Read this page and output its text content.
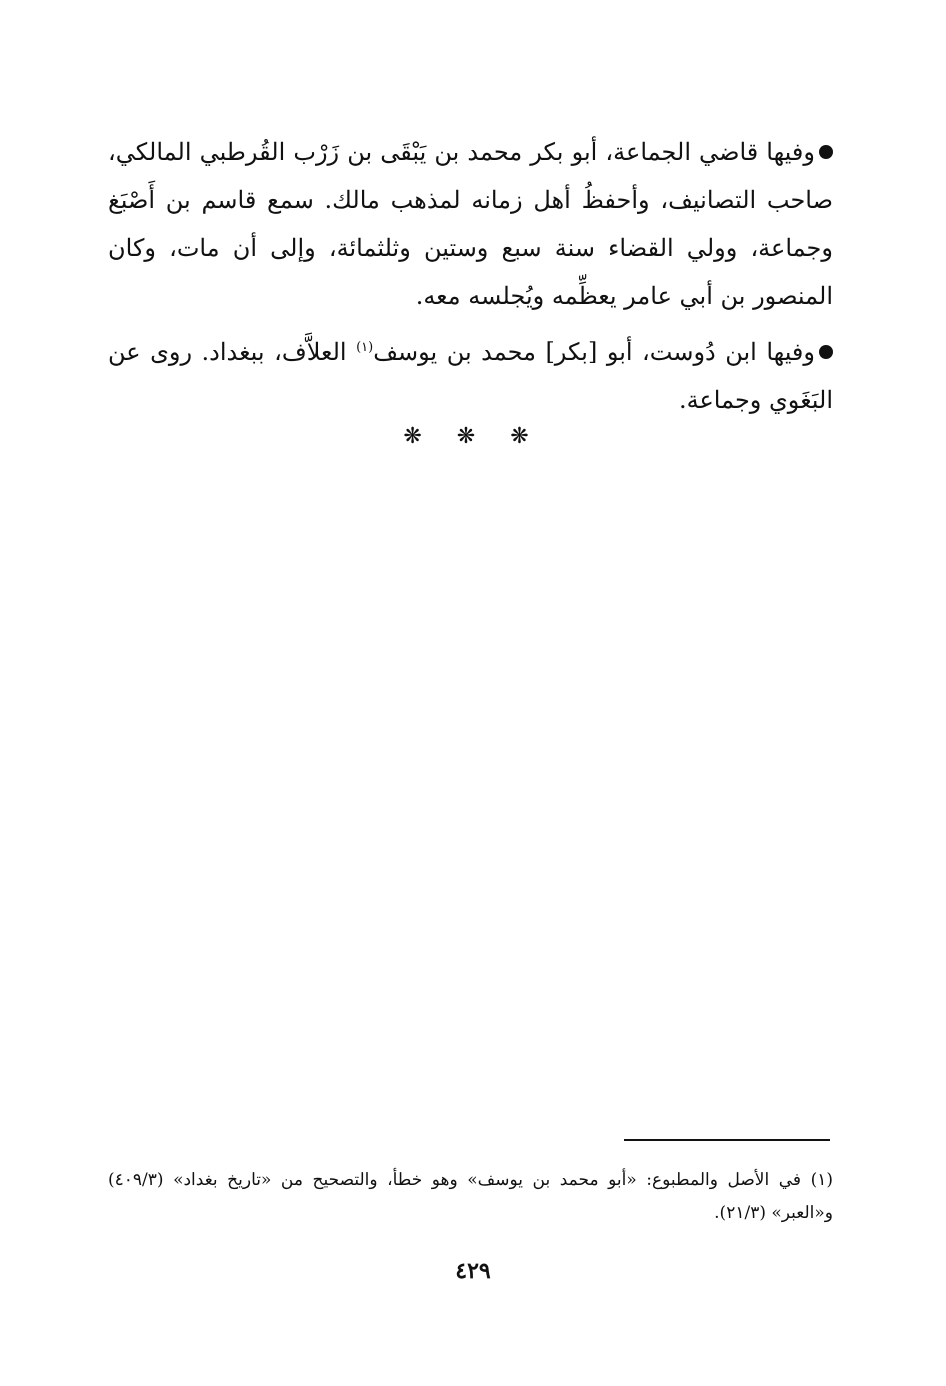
وفيها قاضي الجماعة، أبو بكر محمد بن يَبْقَى بن زَرْب القُرطبي المالكي، صاحب التصانيف، وأحفظُ أهل زمانه لمذهب مالك. سمع قاسم بن أَصْبَغ وجماعة، وولي القضاء سنة سبع وستين وثلثمائة، وإلى أن مات، وكان المنصور بن أبي عامر يعظِّمه ويُجلسه معه.

وفيها ابن دُوست، أبو [بكر] محمد بن يوسف$^{(١)}$ العلاَّف، ببغداد. روى عن البَغَوي وجماعة.

❋ ❋ ❋

(١) في الأصل والمطبوع: «أبو محمد بن يوسف» وهو خطأ، والتصحيح من «تاريخ بغداد» (٤٠٩/٣) و«العبر» (٢١/٣).

٤٢٩
